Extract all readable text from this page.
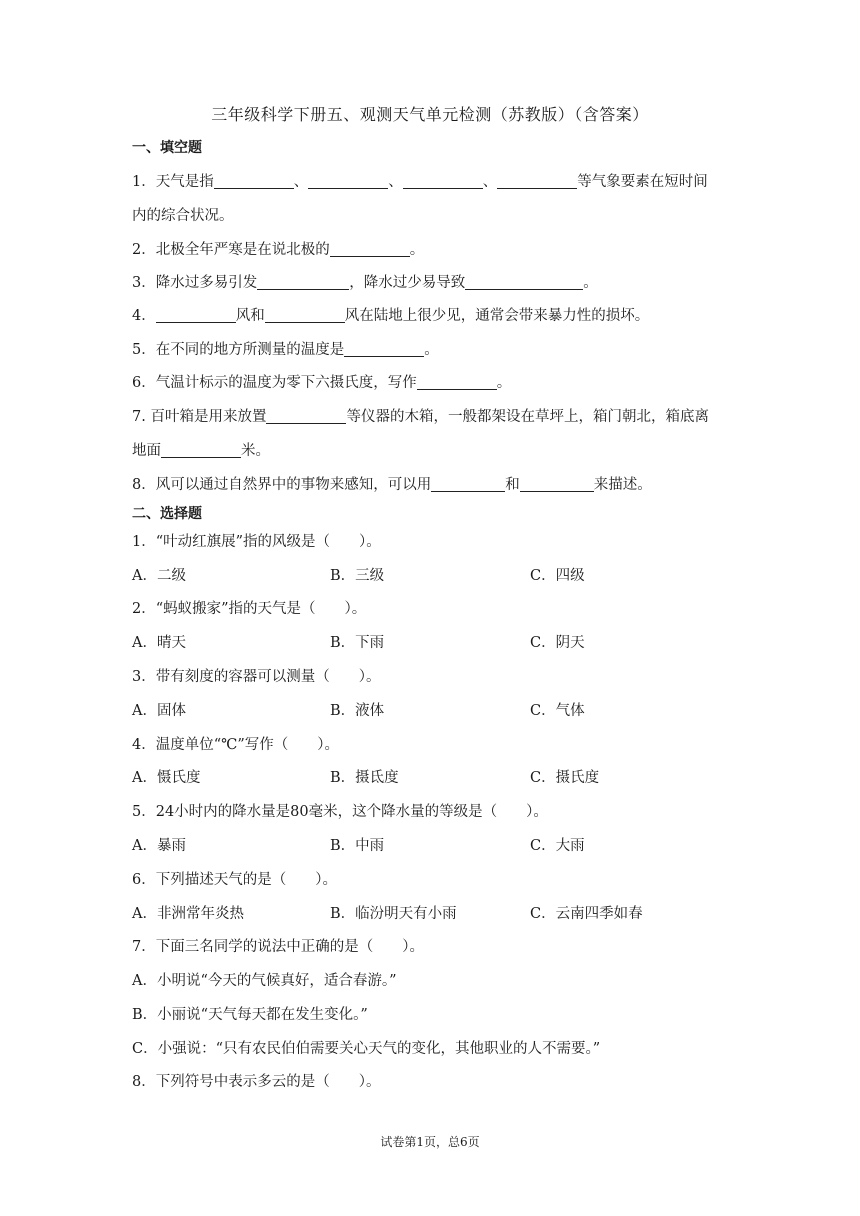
三年级科学下册五、观测天气单元检测（苏教版）（含答案）
一、填空题
1．天气是指	、	、	、	等气象要素在短时间
内的综合状况。
2．北极全年严寒是在说北极的	。
3．降水过多易引发	，降水过少易导致	。
4．	风和	风在陆地上很少见，通常会带来暴力性的损坏。
5．在不同的地方所测量的温度是	。
6．气温计标示的温度为零下六摄氏度，写作	。
7. 百叶箱是用来放置	等仪器的木箱，一般都架设在草坪上，箱门朝北，箱底离
地面	米。
8．风可以通过自然界中的事物来感知，可以用	和	来描述。
二、选择题
1．“叶动红旗展”指的风级是（　　）。
A．二级	B．三级	C．四级
2．“蚂蚁搬家”指的天气是（　　）。
A．晴天	B．下雨	C．阴天
3．带有刻度的容器可以测量（　　）。
A．固体	B．液体	C．气体
4．温度单位“℃”写作（　　）。
A．慑氏度	B．摄氐度	C．摄氏度
5．24小时内的降水量是80毫米，这个降水量的等级是（　　）。
A．暴雨	B．中雨	C．大雨
6．下列描述天气的是（　　）。
A．非洲常年炎热	B．临汾明天有小雨	C．云南四季如春
7．下面三名同学的说法中正确的是（　　）。
A．小明说“今天的气候真好，适合春游。”
B．小丽说“天气每天都在发生变化。”
C．小强说：“只有农民伯伯需要关心天气的变化，其他职业的人不需要。”
8．下列符号中表示多云的是（　　）。
试卷第1页，总6页
